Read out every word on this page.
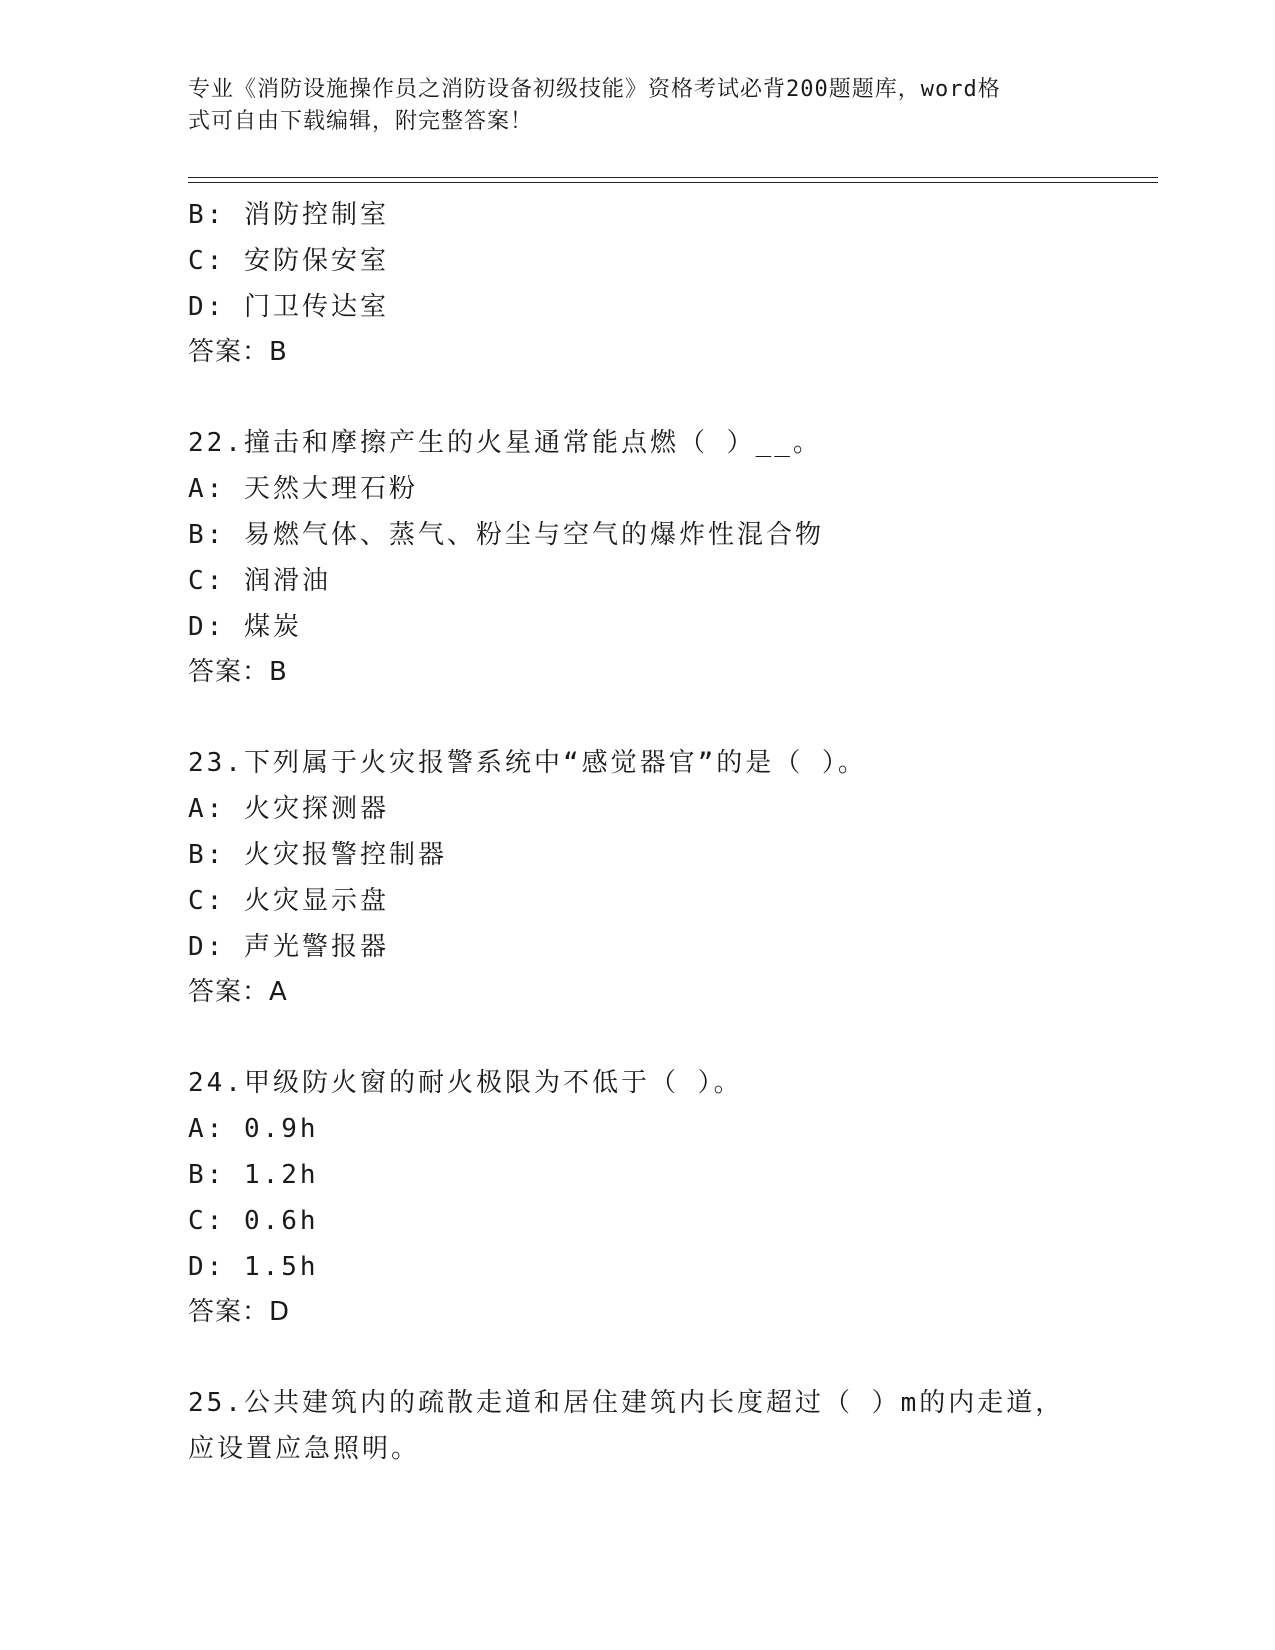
专业《消防设施操作员之消防设备初级技能》资格考试必背200题题库，word格
式可自由下载编辑，附完整答案！
B: 消防控制室
C: 安防保安室
D: 门卫传达室
答案：B
22.撞击和摩擦产生的火星通常能点燃（ ）__。
A: 天然大理石粉
B: 易燃气体、蒸气、粉尘与空气的爆炸性混合物
C: 润滑油
D: 煤炭
答案：B
23.下列属于火灾报警系统中“感觉器官”的是（ ）。
A: 火灾探测器
B: 火灾报警控制器
C: 火灾显示盘
D: 声光警报器
答案：A
24.甲级防火窗的耐火极限为不低于（ ）。
A: 0.9h
B: 1.2h
C: 0.6h
D: 1.5h
答案：D
25.公共建筑内的疏散走道和居住建筑内长度超过（ ）m的内走道，
应设置应急照明。
